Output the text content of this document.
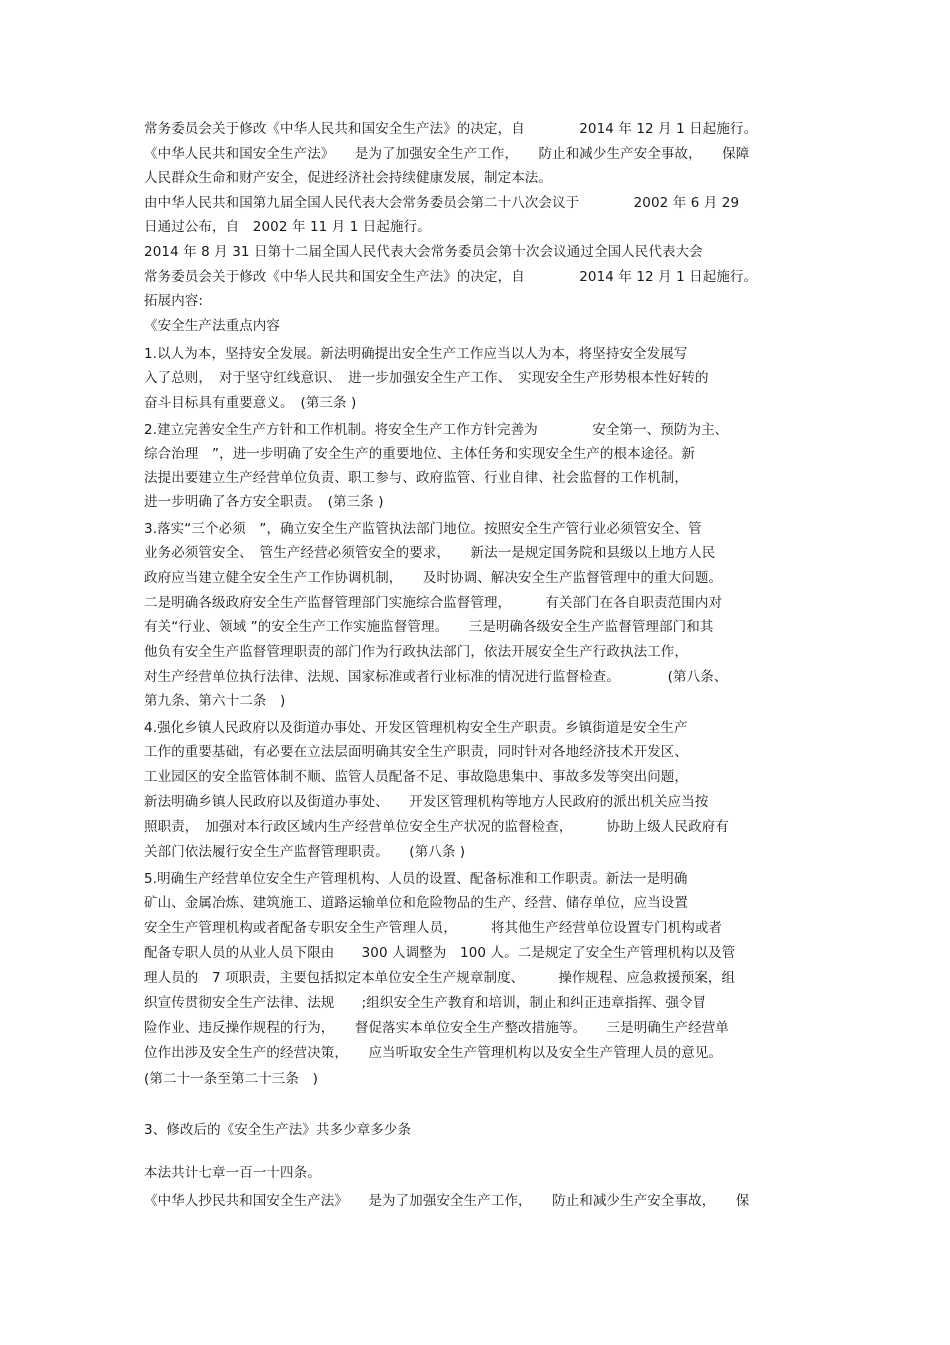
常务委员会关于修改《中华人民共和国安全生产法》的决定，自　　　　2014 年 12 月 1 日起施行。
《中华人民共和国安全生产法》　　是为了加强安全生产工作，　　防止和减少生产安全事故，　　保障
人民群众生命和财产安全，促进经济社会持续健康发展，制定本法。
由中华人民共和国第九届全国人民代表大会常务委员会第二十八次会议于　　　　2002 年 6 月 29
日通过公布，自　2002 年 11 月 1 日起施行。
2014 年 8 月 31 日第十二届全国人民代表大会常务委员会第十次会议通过全国人民代表大会
常务委员会关于修改《中华人民共和国安全生产法》的决定，自　　　　2014 年 12 月 1 日起施行。
拓展内容:
《安全生产法重点内容
1.以人为本，坚持安全发展。新法明确提出安全生产工作应当以人为本，将坚持安全发展写
入了总则，　对于坚守红线意识、　进一步加强安全生产工作、　实现安全生产形势根本性好转的
奋斗目标具有重要意义。　(第三条 )
2.建立完善安全生产方针和工作机制。将安全生产工作方针完善为　　　　安全第一、预防为主、
综合治理　”，进一步明确了安全生产的重要地位、主体任务和实现安全生产的根本途径。新
法提出要建立生产经营单位负责、职工参与、政府监管、行业自律、社会监督的工作机制，
进一步明确了各方安全职责。　(第三条 )
3.落实“三个必须　”，确立安全生产监管执法部门地位。按照安全生产管行业必须管安全、管
业务必须管安全、　管生产经营必须管安全的要求，　　新法一是规定国务院和县级以上地方人民
政府应当建立健全安全生产工作协调机制，　　及时协调、解决安全生产监督管理中的重大问题。
二是明确各级政府安全生产监督管理部门实施综合监督管理，　　　有关部门在各自职责范围内对
有关“行业、领域 ”的安全生产工作实施监督管理。　　三是明确各级安全生产监督管理部门和其
他负有安全生产监督管理职责的部门作为行政执法部门，依法开展安全生产行政执法工作，
对生产经营单位执行法律、法规、国家标准或者行业标准的情况进行监督检查。　　　　(第八条、
第九条、第六十二条　)
4.强化乡镇人民政府以及街道办事处、开发区管理机构安全生产职责。乡镇街道是安全生产
工作的重要基础，有必要在立法层面明确其安全生产职责，同时针对各地经济技术开发区、
工业园区的安全监管体制不顺、监管人员配备不足、事故隐患集中、事故多发等突出问题，
新法明确乡镇人民政府以及街道办事处、　　开发区管理机构等地方人民政府的派出机关应当按
照职责，　加强对本行政区域内生产经营单位安全生产状况的监督检查，　　　协助上级人民政府有
关部门依法履行安全生产监督管理职责。　　(第八条 )
5.明确生产经营单位安全生产管理机构、人员的设置、配备标准和工作职责。新法一是明确
矿山、金属冶炼、建筑施工、道路运输单位和危险物品的生产、经营、储存单位，应当设置
安全生产管理机构或者配备专职安全生产管理人员，　　　将其他生产经营单位设置专门机构或者
配备专职人员的从业人员下限由　　300 人调整为　100 人。二是规定了安全生产管理机构以及管
理人员的　7 项职责，主要包括拟定本单位安全生产规章制度、　　　操作规程、应急救援预案，组
织宣传贯彻安全生产法律、法规　　;组织安全生产教育和培训，制止和纠正违章指挥、强令冒
险作业、违反操作规程的行为，　　督促落实本单位安全生产整改措施等。　　三是明确生产经营单
位作出涉及安全生产的经营决策，　　应当听取安全生产管理机构以及安全生产管理人员的意见。
(第二十一条至第二十三条　)
3、修改后的《安全生产法》共多少章多少条
本法共计七章一百一十四条。
《中华人抄民共和国安全生产法》　　是为了加强安全生产工作，　　防止和减少生产安全事故，　　保
